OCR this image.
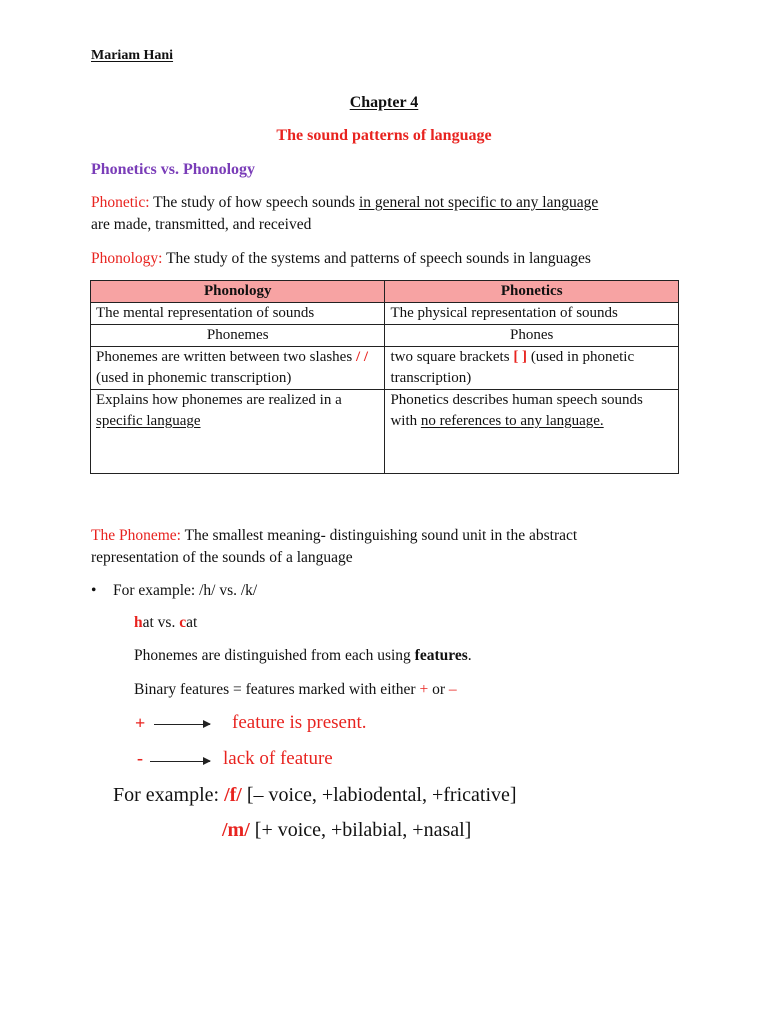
Mariam Hani
Chapter 4
The sound patterns of language
Phonetics vs. Phonology
Phonetic: The study of how speech sounds in general not specific to any language
are made, transmitted, and received
Phonology: The study of the systems and patterns of speech sounds in languages
Phonology	Phonetics
The mental representation of sounds	The physical representation of sounds
Phonemes	Phones
Phonemes are written between two slashes / / (used in phonemic transcription)	two square brackets [ ] (used in phonetic transcription)
Explains how phonemes are realized in a specific language	Phonetics describes human speech sounds with no references to any language.
The Phoneme: The smallest meaning- distinguishing sound unit in the abstract
representation of the sounds of a language
• For example: /h/ vs. /k/
hat vs. cat
Phonemes are distinguished from each using features.
Binary features = features marked with either + or –
+	feature is present.
-	lack of feature
For example: /f/ [– voice, +labiodental, +fricative]
/m/ [+ voice, +bilabial, +nasal]
